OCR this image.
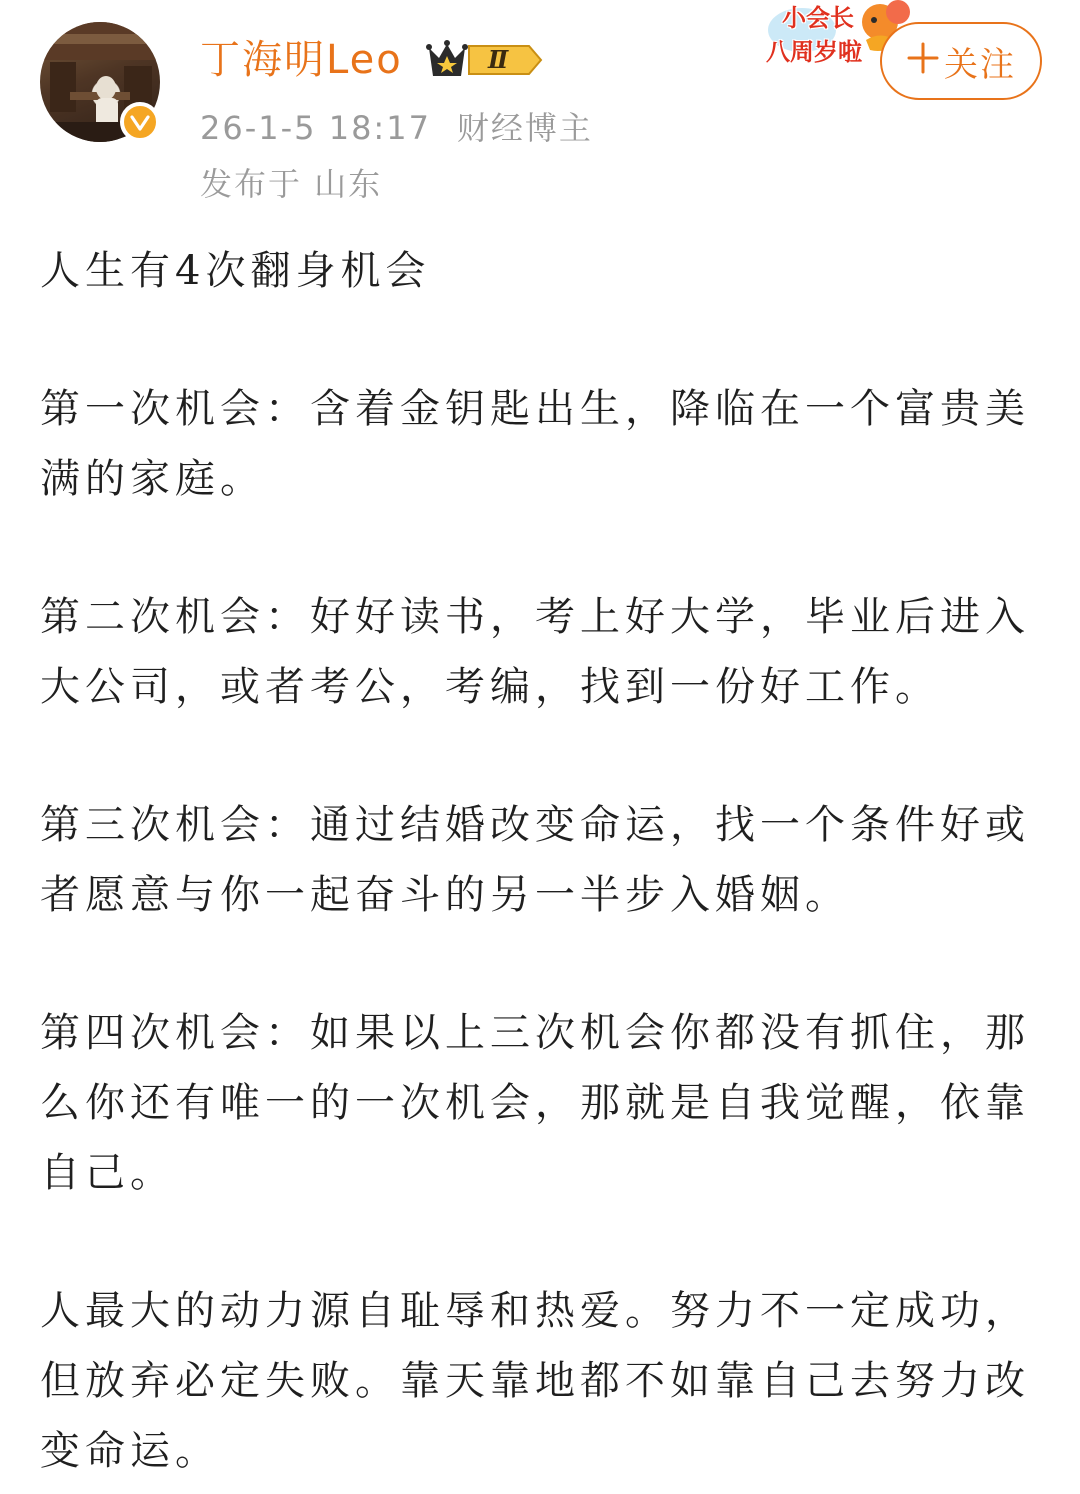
丁海明Leo	Ⅱ
26-1-5 18:17 财经博主
发布于 山东
小会长
八周岁啦 关注

人生有4次翻身机会

第一次机会：含着金钥匙出生，降临在一个富贵美满的家庭。

第二次机会：好好读书，考上好大学，毕业后进入大公司，或者考公，考编，找到一份好工作。

第三次机会：通过结婚改变命运，找一个条件好或者愿意与你一起奋斗的另一半步入婚姻。

第四次机会：如果以上三次机会你都没有抓住，那么你还有唯一的一次机会，那就是自我觉醒，依靠自己。

人最大的动力源自耻辱和热爱。努力不一定成功，但放弃必定失败。靠天靠地都不如靠自己去努力改变命运。
